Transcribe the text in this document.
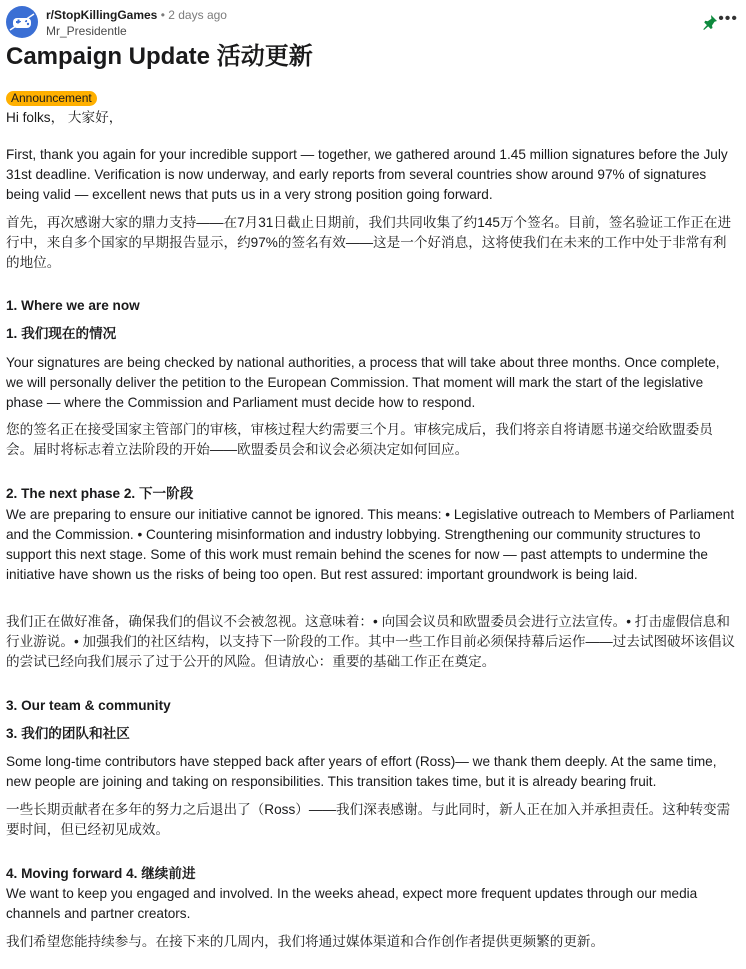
r/StopKillingGames • 2 days ago
Mr_Presidentle
•••
Campaign Update 活动更新
Announcement

Hi folks， 大家好，

First, thank you again for your incredible support — together, we gathered around 1.45 million signatures before the July 31st deadline. Verification is now underway, and early reports from several countries show around 97% of signatures being valid — excellent news that puts us in a very strong position going forward.

首先，再次感谢大家的鼎力支持——在7月31日截止日期前，我们共同收集了约145万个签名。目前，签名验证工作正在进行中，来自多个国家的早期报告显示，约97%的签名有效——这是一个好消息，这将使我们在未来的工作中处于非常有利的地位。

1. Where we are now

1. 我们现在的情况

Your signatures are being checked by national authorities, a process that will take about three months. Once complete, we will personally deliver the petition to the European Commission. That moment will mark the start of the legislative phase — where the Commission and Parliament must decide how to respond.

您的签名正在接受国家主管部门的审核，审核过程大约需要三个月。审核完成后，我们将亲自将请愿书递交给欧盟委员会。届时将标志着立法阶段的开始——欧盟委员会和议会必须决定如何回应。

2. The next phase 2. 下一阶段

We are preparing to ensure our initiative cannot be ignored. This means: • Legislative outreach to Members of Parliament and the Commission. • Countering misinformation and industry lobbying. Strengthening our community structures to support this next stage. Some of this work must remain behind the scenes for now — past attempts to undermine the initiative have shown us the risks of being too open. But rest assured: important groundwork is being laid.

我们正在做好准备，确保我们的倡议不会被忽视。这意味着：• 向国会议员和欧盟委员会进行立法宣传。• 打击虚假信息和行业游说。• 加强我们的社区结构，以支持下一阶段的工作。其中一些工作目前必须保持幕后运作——过去试图破坏该倡议的尝试已经向我们展示了过于公开的风险。但请放心：重要的基础工作正在奠定。

3. Our team & community

3. 我们的团队和社区

Some long-time contributors have stepped back after years of effort (Ross)— we thank them deeply. At the same time, new people are joining and taking on responsibilities. This transition takes time, but it is already bearing fruit.

一些长期贡献者在多年的努力之后退出了（Ross）——我们深表感谢。与此同时，新人正在加入并承担责任。这种转变需要时间，但已经初见成效。

4. Moving forward 4. 继续前进

We want to keep you engaged and involved. In the weeks ahead, expect more frequent updates through our media channels and partner creators.

我们希望您能持续参与。在接下来的几周内，我们将通过媒体渠道和合作创作者提供更频繁的更新。
